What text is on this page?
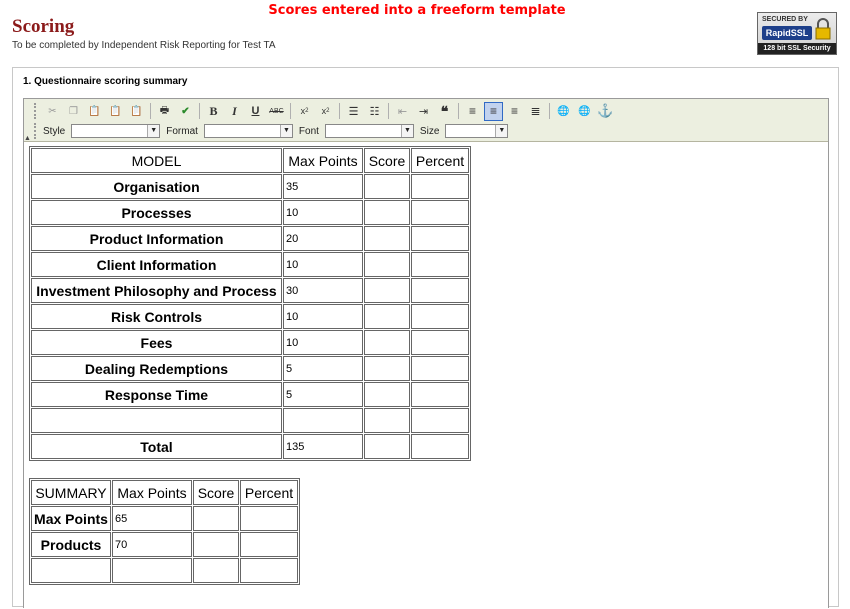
Scores entered into a freeform template
Scoring
To be completed by Independent Risk Reporting for Test TA
SECURED BY
RapidSSL
128 bit SSL Security
1. Questionnaire scoring summary
✂	❐	📋 📋 📋	🖶	✔	B	I	U	ABC	x 2	x 2	☰	☷	⇤	⇥ ❝	≡	≡	≡	≣	🌐 🌐 ⚓
Style	▼ Format	▼ Font	▼ Size	▼
▲
MODEL	Max Points	Score	Percent
Organisation	35		
Processes	10		
Product Information	20		
Client Information	10		
Investment Philosophy and Process	30		
Risk Controls	10		
Fees	10		
Dealing Redemptions	5		
Response Time	5		

Total	135		
SUMMARY	Max Points	Score	Percent
Max Points	65		
Products	70		
